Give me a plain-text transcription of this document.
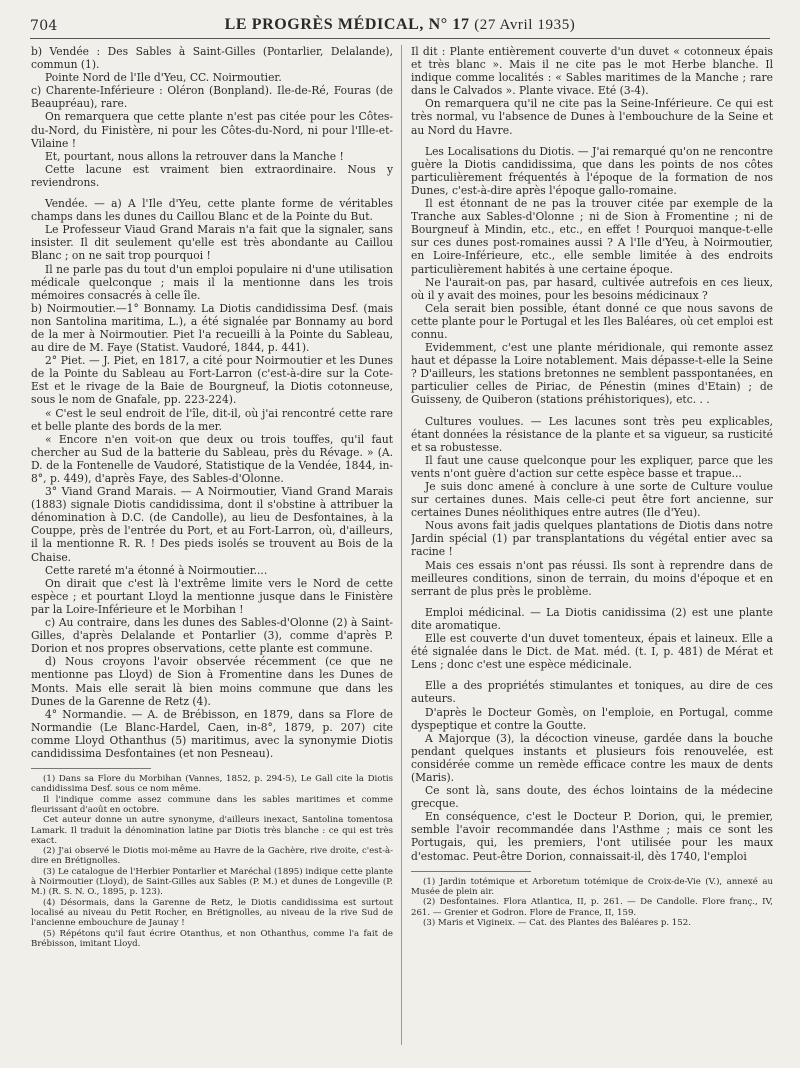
704	LE PROGRÈS MÉDICAL, N° 17 (27 Avril 1935)

b) Vendée : Des Sables à Saint-Gilles (Pontarlier, Delalande), commun (1).

Pointe Nord de l'Ile d'Yeu, CC. Noirmoutier.

c) Charente-Inférieure : Oléron (Bonpland). Ile-de-Ré, Fouras (de Beaupréau), rare.

On remarquera que cette plante n'est pas citée pour les Côtes-du-Nord, du Finistère, ni pour les Côtes-du-Nord, ni pour l'Ille-et-Vilaine !

Et, pourtant, nous allons la retrouver dans la Manche !

Cette lacune est vraiment bien extraordinaire. Nous y reviendrons.

Vendée. — a) A l'Ile d'Yeu, cette plante forme de véritables champs dans les dunes du Caillou Blanc et de la Pointe du But.

Le Professeur Viaud Grand Marais n'a fait que la signaler, sans insister. Il dit seulement qu'elle est très abondante au Caillou Blanc ; on ne sait trop pourquoi !

Il ne parle pas du tout d'un emploi populaire ni d'une utilisation médicale quelconque ; mais il la mentionne dans les trois mémoires consacrés à celle île.

b) Noirmoutier.—1° Bonnamy. La Diotis candidissima Desf. (mais non Santolina maritima, L.), a été signalée par Bonnamy au bord de la mer à Noirmoutier. Piet l'a recueilli à la Pointe du Sableau, au dire de M. Faye (Statist. Vaudoré, 1844, p. 441).

2° Piet. — J. Piet, en 1817, a cité pour Noirmoutier et les Dunes de la Pointe du Sableau au Fort-Larron (c'est-à-dire sur la Cote-Est et le rivage de la Baie de Bourgneuf, la Diotis cotonneuse, sous le nom de Gnafale, pp. 223-224).

« C'est le seul endroit de l'île, dit-il, où j'ai rencontré cette rare et belle plante des bords de la mer.

« Encore n'en voit-on que deux ou trois touffes, qu'il faut chercher au Sud de la batterie du Sableau, près du Révage. » (A. D. de la Fontenelle de Vaudoré, Statistique de la Vendée, 1844, in-8°, p. 449), d'après Faye, des Sables-d'Olonne.

3° Viand Grand Marais. — A Noirmoutier, Viand Grand Marais (1883) signale Diotis candidissima, dont il s'obstine à attribuer la dénomination à D.C. (de Candolle), au lieu de Desfontaines, à la Couppe, près de l'entrée du Port, et au Fort-Larron, où, d'ailleurs, il la mentionne R. R. ! Des pieds isolés se trouvent au Bois de la Chaise.

Cette rareté m'a étonné à Noirmoutier....

On dirait que c'est là l'extrême limite vers le Nord de cette espèce ; et pourtant Lloyd la mentionne jusque dans le Finistère par la Loire-Inférieure et le Morbihan !

c) Au contraire, dans les dunes des Sables-d'Olonne (2) à Saint-Gilles, d'après Delalande et Pontarlier (3), comme d'après P. Dorion et nos propres observations, cette plante est commune.

d) Nous croyons l'avoir observée récemment (ce que ne mentionne pas Lloyd) de Sion à Fromentine dans les Dunes de Monts. Mais elle serait là bien moins commune que dans les Dunes de la Garenne de Retz (4).

4° Normandie. — A. de Brébisson, en 1879, dans sa Flore de Normandie (Le Blanc-Hardel, Caen, in-8°, 1879, p. 207) cite comme Lloyd Othanthus (5) maritimus, avec la synonymie Diotis candidissima Desfontaines (et non Pesneau).

(1) Dans sa Flore du Morbihan (Vannes, 1852, p. 294-5), Le Gall cite la Diotis candidissima Desf. sous ce nom même.

Il l'indique comme assez commune dans les sables maritimes et comme fleurissant d'août en octobre.

Cet auteur donne un autre synonyme, d'ailleurs inexact, Santolina tomentosa Lamark. Il traduit la dénomination latine par Diotis très blanche : ce qui est très exact.

(2) J'ai observé le Diotis moi-même au Havre de la Gachère, rive droite, c'est-à-dire en Brétignolles.

(3) Le catalogue de l'Herbier Pontarlier et Maréchal (1895) indique cette plante à Noirmoutier (Lloyd), de Saint-Gilles aux Sables (P. M.) et dunes de Longeville (P. M.) (R. S. N. O., 1895, p. 123).

(4) Désormais, dans la Garenne de Retz, le Diotis candidissima est surtout localisé au niveau du Petit Rocher, en Brétignolles, au niveau de la rive Sud de l'ancienne embouchure de Jaunay !

(5) Répétons qu'il faut écrire Otanthus, et non Othanthus, comme l'a fait de Brébisson, imitant Lloyd.

Il dit : Plante entièrement couverte d'un duvet « cotonneux épais et très blanc ». Mais il ne cite pas le mot Herbe blanche. Il indique comme localités : « Sables maritimes de la Manche ; rare dans le Calvados ». Plante vivace. Eté (3-4).

On remarquera qu'il ne cite pas la Seine-Inférieure. Ce qui est très normal, vu l'absence de Dunes à l'embouchure de la Seine et au Nord du Havre.

Les Localisations du Diotis. — J'ai remarqué qu'on ne rencontre guère la Diotis candidissima, que dans les points de nos côtes particulièrement fréquentés à l'époque de la formation de nos Dunes, c'est-à-dire après l'époque gallo-romaine.

Il est étonnant de ne pas la trouver citée par exemple de la Tranche aux Sables-d'Olonne ; ni de Sion à Fromentine ; ni de Bourgneuf à Mindin, etc., etc., en effet ! Pourquoi manque-t-elle sur ces dunes post-romaines aussi ? A l'Ile d'Yeu, à Noirmoutier, en Loire-Inférieure, etc., elle semble limitée à des endroits particulièrement habités à une certaine époque.

Ne l'aurait-on pas, par hasard, cultivée autrefois en ces lieux, où il y avait des moines, pour les besoins médicinaux ?

Cela serait bien possible, étant donné ce que nous savons de cette plante pour le Portugal et les Iles Baléares, où cet emploi est connu.

Evidemment, c'est une plante méridionale, qui remonte assez haut et dépasse la Loire notablement. Mais dépasse-t-elle la Seine ? D'ailleurs, les stations bretonnes ne semblent passpontanées, en particulier celles de Piriac, de Pénestin (mines d'Etain) ; de Guisseny, de Quiberon (stations préhistoriques), etc. . .

Cultures voulues. — Les lacunes sont très peu explicables, étant données la résistance de la plante et sa vigueur, sa rusticité et sa robustesse.

Il faut une cause quelconque pour les expliquer, parce que les vents n'ont guère d'action sur cette espèce basse et trapue...

Je suis donc amené à conclure à une sorte de Culture voulue sur certaines dunes. Mais celle-ci peut être fort ancienne, sur certaines Dunes néolithiques entre autres (Ile d'Yeu).

Nous avons fait jadis quelques plantations de Diotis dans notre Jardin spécial (1) par transplantations du végétal entier avec sa racine !

Mais ces essais n'ont pas réussi. Ils sont à reprendre dans de meilleures conditions, sinon de terrain, du moins d'époque et en serrant de plus près le problème.

Emploi médicinal. — La Diotis canidissima (2) est une plante dite aromatique.

Elle est couverte d'un duvet tomenteux, épais et laineux. Elle a été signalée dans le Dict. de Mat. méd. (t. I, p. 481) de Mérat et Lens ; donc c'est une espèce médicinale.

Elle a des propriétés stimulantes et toniques, au dire de ces auteurs.

D'après le Docteur Gomès, on l'emploie, en Portugal, comme dyspeptique et contre la Goutte.

A Majorque (3), la décoction vineuse, gardée dans la bouche pendant quelques instants et plusieurs fois renouvelée, est considérée comme un remède efficace contre les maux de dents (Maris).

Ce sont là, sans doute, des échos lointains de la médecine grecque.

En conséquence, c'est le Docteur P. Dorion, qui, le premier, semble l'avoir recommandée dans l'Asthme ; mais ce sont les Portugais, qui, les premiers, l'ont utilisée pour les maux d'estomac. Peut-être Dorion, connaissait-il, dès 1740, l'emploi

(1) Jardin totémique et Arboretum totémique de Croix-de-Vie (V.), annexé au Musée de plein air.

(2) Desfontaines. Flora Atlantica, II, p. 261. — De Candolle. Flore franç., IV, 261. — Grenier et Godron. Flore de France, II, 159.

(3) Maris et Vigineix. — Cat. des Plantes des Baléares p. 152.
